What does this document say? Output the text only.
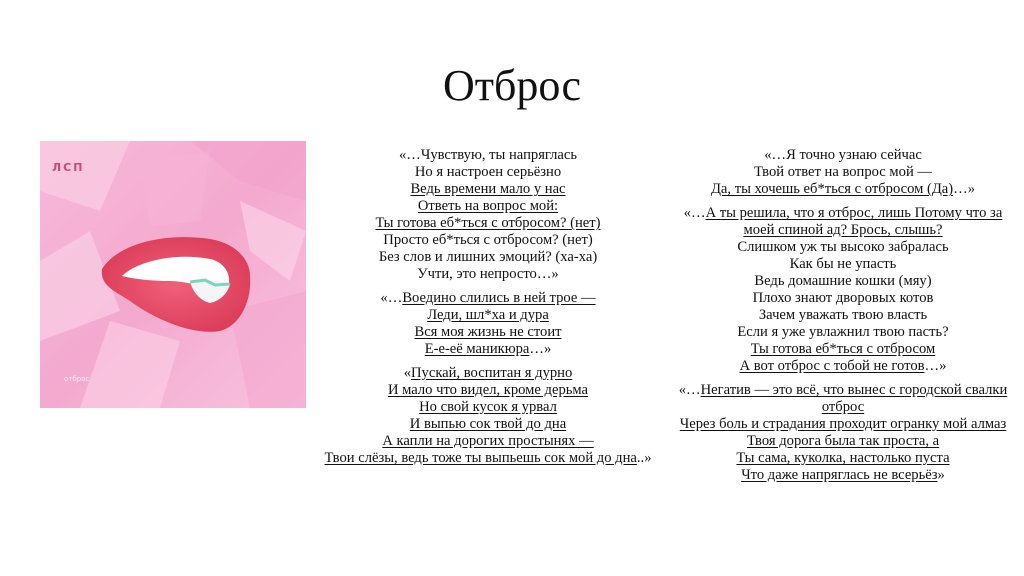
Отброс
ЛСП
отброс
«…Чувствую, ты напряглась
Но я настроен серьёзно
Ведь времени мало у нас
Ответь на вопрос мой:
Ты готова еб*ться с отбросом? (нет)
Просто еб*ться с отбросом? (нет)
Без слов и лишних эмоций? (ха-ха)
Учти, это непросто…»
«…Воедино слились в ней трое —
Леди, шл*ха и дура
Вся моя жизнь не стоит
Е-е-её маникюра…»
«Пускай, воспитан я дурно
И мало что видел, кроме дерьма
Но свой кусок я урвал
И выпью сок твой до дна
А капли на дорогих простынях —
Твои слёзы, ведь тоже ты выпьешь сок мой до дна..»
«…Я точно узнаю сейчас
Твой ответ на вопрос мой —
Да, ты хочешь еб*ться с отбросом (Да)…»
«…А ты решила, что я отброс, лишь Потому что за моей спиной ад? Брось, слышь?
Слишком уж ты высоко забралась
Как бы не упасть
Ведь домашние кошки (мяу)
Плохо знают дворовых котов
Зачем уважать твою власть
Если я уже увлажнил твою пасть?
Ты готова еб*ться с отбросом
А вот отброс с тобой не готов…»
«…Негатив — это всё, что вынес с городской свалки отброс
Через боль и страдания проходит огранку мой алмаз
Твоя дорога была так проста, а
Ты сама, куколка, настолько пуста
Что даже напряглась не всерьёз»
